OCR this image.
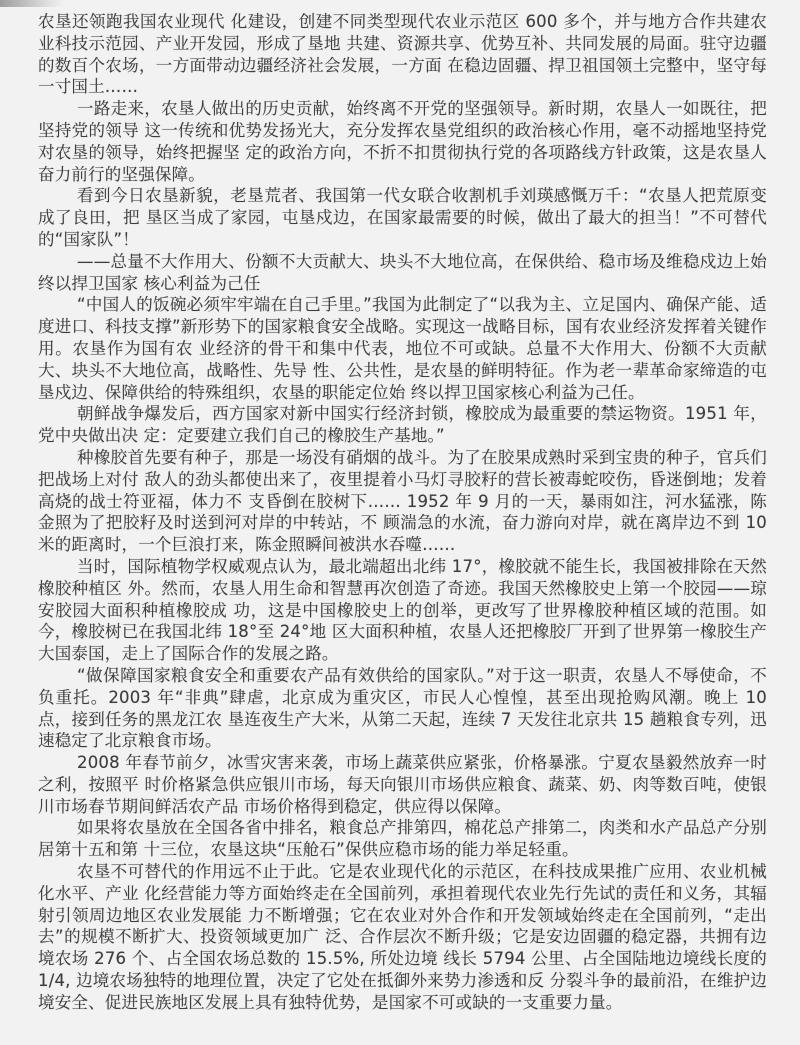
农垦还领跑我国农业现代 化建设，创建不同类型现代农业示范区 600 多个，并与地方合作共建农业科技示范园、产业开发园，形成了垦地 共建、资源共享、优势互补、共同发展的局面。驻守边疆的数百个农场，一方面带动边疆经济社会发展，一方面 在稳边固疆、捍卫祖国领土完整中，坚守每一寸国土……

一路走来，农垦人做出的历史贡献，始终离不开党的坚强领导。新时期，农垦人一如既往，把坚持党的领导 这一传统和优势发扬光大，充分发挥农垦党组织的政治核心作用，毫不动摇地坚持党对农垦的领导，始终把握坚 定的政治方向，不折不扣贯彻执行党的各项路线方针政策，这是农垦人奋力前行的坚强保障。

看到今日农垦新貌，老垦荒者、我国第一代女联合收割机手刘瑛感慨万千：“农垦人把荒原变成了良田，把 垦区当成了家园，屯垦戍边，在国家最需要的时候，做出了最大的担当！”不可替代的“国家队”！

——总量不大作用大、份额不大贡献大、块头不大地位高，在保供给、稳市场及维稳戍边上始终以捍卫国家 核心利益为己任

“中国人的饭碗必须牢牢端在自己手里。”我国为此制定了“以我为主、立足国内、确保产能、适度进口、科技支撑”新形势下的国家粮食安全战略。实现这一战略目标，国有农业经济发挥着关键作用。农垦作为国有农 业经济的骨干和集中代表，地位不可或缺。总量不大作用大、份额不大贡献大、块头不大地位高，战略性、先导 性、公共性，是农垦的鲜明特征。作为老一辈革命家缔造的屯垦戍边、保障供给的特殊组织，农垦的职能定位始 终以捍卫国家核心利益为己任。

朝鲜战争爆发后，西方国家对新中国实行经济封锁，橡胶成为最重要的禁运物资。1951 年，党中央做出决 定：定要建立我们自己的橡胶生产基地。”

种橡胶首先要有种子，那是一场没有硝烟的战斗。为了在胶果成熟时采到宝贵的种子，官兵们把战场上对付 敌人的劲头都使出来了，夜里提着小马灯寻胶籽的营长被毒蛇咬伤，昏迷倒地；发着高烧的战士符亚福，体力不 支昏倒在胶树下…… 1952 年 9 月的一天，暴雨如注，河水猛涨，陈金照为了把胶籽及时送到河对岸的中转站，不 顾湍急的水流，奋力游向对岸，就在离岸边不到 10 米的距离时，一个巨浪打来，陈金照瞬间被洪水吞噬……

当时，国际植物学权威观点认为，最北端超出北纬 17°，橡胶就不能生长，我国被排除在天然橡胶种植区 外。然而，农垦人用生命和智慧再次创造了奇迹。我国天然橡胶史上第一个胶园——琼安胶园大面积种植橡胶成 功，这是中国橡胶史上的创举，更改写了世界橡胶种植区域的范围。如今，橡胶树已在我国北纬 18°至 24°地 区大面积种植，农垦人还把橡胶厂开到了世界第一橡胶生产大国泰国，走上了国际合作的发展之路。

“做保障国家粮食安全和重要农产品有效供给的国家队。”对于这一职责，农垦人不辱使命，不负重托。2003 年“非典”肆虐，北京成为重灾区，市民人心惶惶，甚至出现抢购风潮。晚上 10 点，接到任务的黑龙江农 垦连夜生产大米，从第二天起，连续 7 天发往北京共 15 趟粮食专列，迅速稳定了北京粮食市场。

2008 年春节前夕，冰雪灾害来袭，市场上蔬菜供应紧张，价格暴涨。宁夏农垦毅然放弃一时之利，按照平 时价格紧急供应银川市场，每天向银川市场供应粮食、蔬菜、奶、肉等数百吨，使银川市场春节期间鲜活农产品 市场价格得到稳定，供应得以保障。

如果将农垦放在全国各省中排名，粮食总产排第四，棉花总产排第二，肉类和水产品总产分别居第十五和第 十三位，农垦这块“压舱石”保供应稳市场的能力举足轻重。

农垦不可替代的作用远不止于此。它是农业现代化的示范区，在科技成果推广应用、农业机械化水平、产业 化经营能力等方面始终走在全国前列，承担着现代农业先行先试的责任和义务，其辐射引领周边地区农业发展能 力不断增强；它在农业对外合作和开发领域始终走在全国前列，“走出去”的规模不断扩大、投资领域更加广 泛、合作层次不断升级；它是安边固疆的稳定器，共拥有边境农场 276 个、占全国农场总数的 15.5%, 所处边境 线长 5794 公里、占全国陆地边境线长度的 1/4, 边境农场独特的地理位置，决定了它处在抵御外来势力渗透和反 分裂斗争的最前沿，在维护边境安全、促进民族地区发展上具有独特优势，是国家不可或缺的一支重要力量。
